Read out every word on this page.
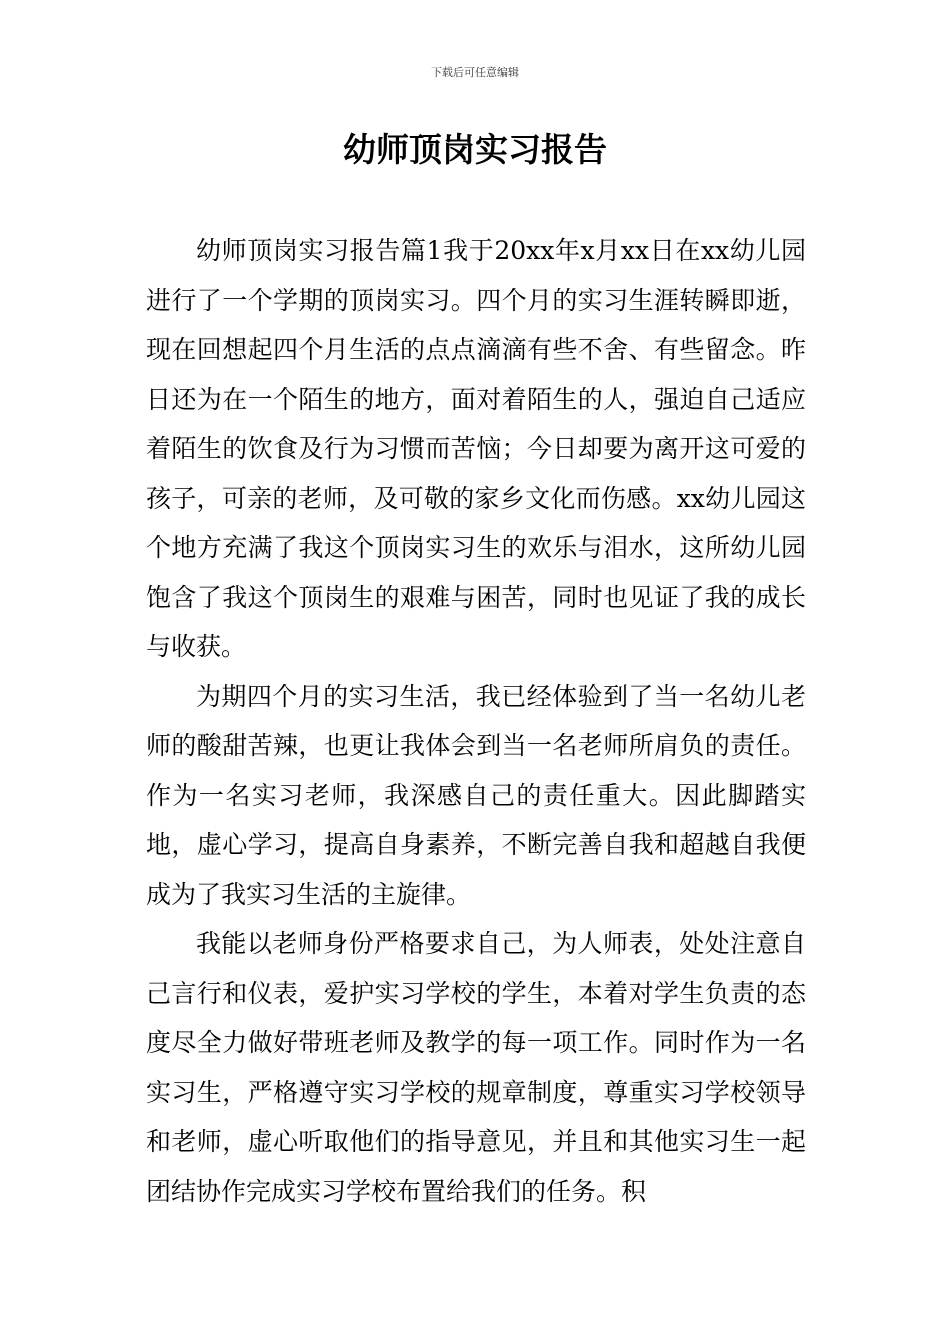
下载后可任意编辑
幼师顶岗实习报告

幼师顶岗实习报告篇1我于20xx年x月xx日在xx幼儿园进行了一个学期的顶岗实习。四个月的实习生涯转瞬即逝，现在回想起四个月生活的点点滴滴有些不舍、有些留念。昨日还为在一个陌生的地方，面对着陌生的人，强迫自己适应着陌生的饮食及行为习惯而苦恼；今日却要为离开这可爱的孩子，可亲的老师，及可敬的家乡文化而伤感。xx幼儿园这个地方充满了我这个顶岗实习生的欢乐与泪水，这所幼儿园饱含了我这个顶岗生的艰难与困苦，同时也见证了我的成长与收获。

为期四个月的实习生活，我已经体验到了当一名幼儿老师的酸甜苦辣，也更让我体会到当一名老师所肩负的责任。作为一名实习老师，我深感自己的责任重大。因此脚踏实地，虚心学习，提高自身素养，不断完善自我和超越自我便成为了我实习生活的主旋律。

我能以老师身份严格要求自己，为人师表，处处注意自己言行和仪表，爱护实习学校的学生，本着对学生负责的态度尽全力做好带班老师及教学的每一项工作。同时作为一名实习生，严格遵守实习学校的规章制度，尊重实习学校领导和老师，虚心听取他们的指导意见，并且和其他实习生一起团结协作完成实习学校布置给我们的任务。积
